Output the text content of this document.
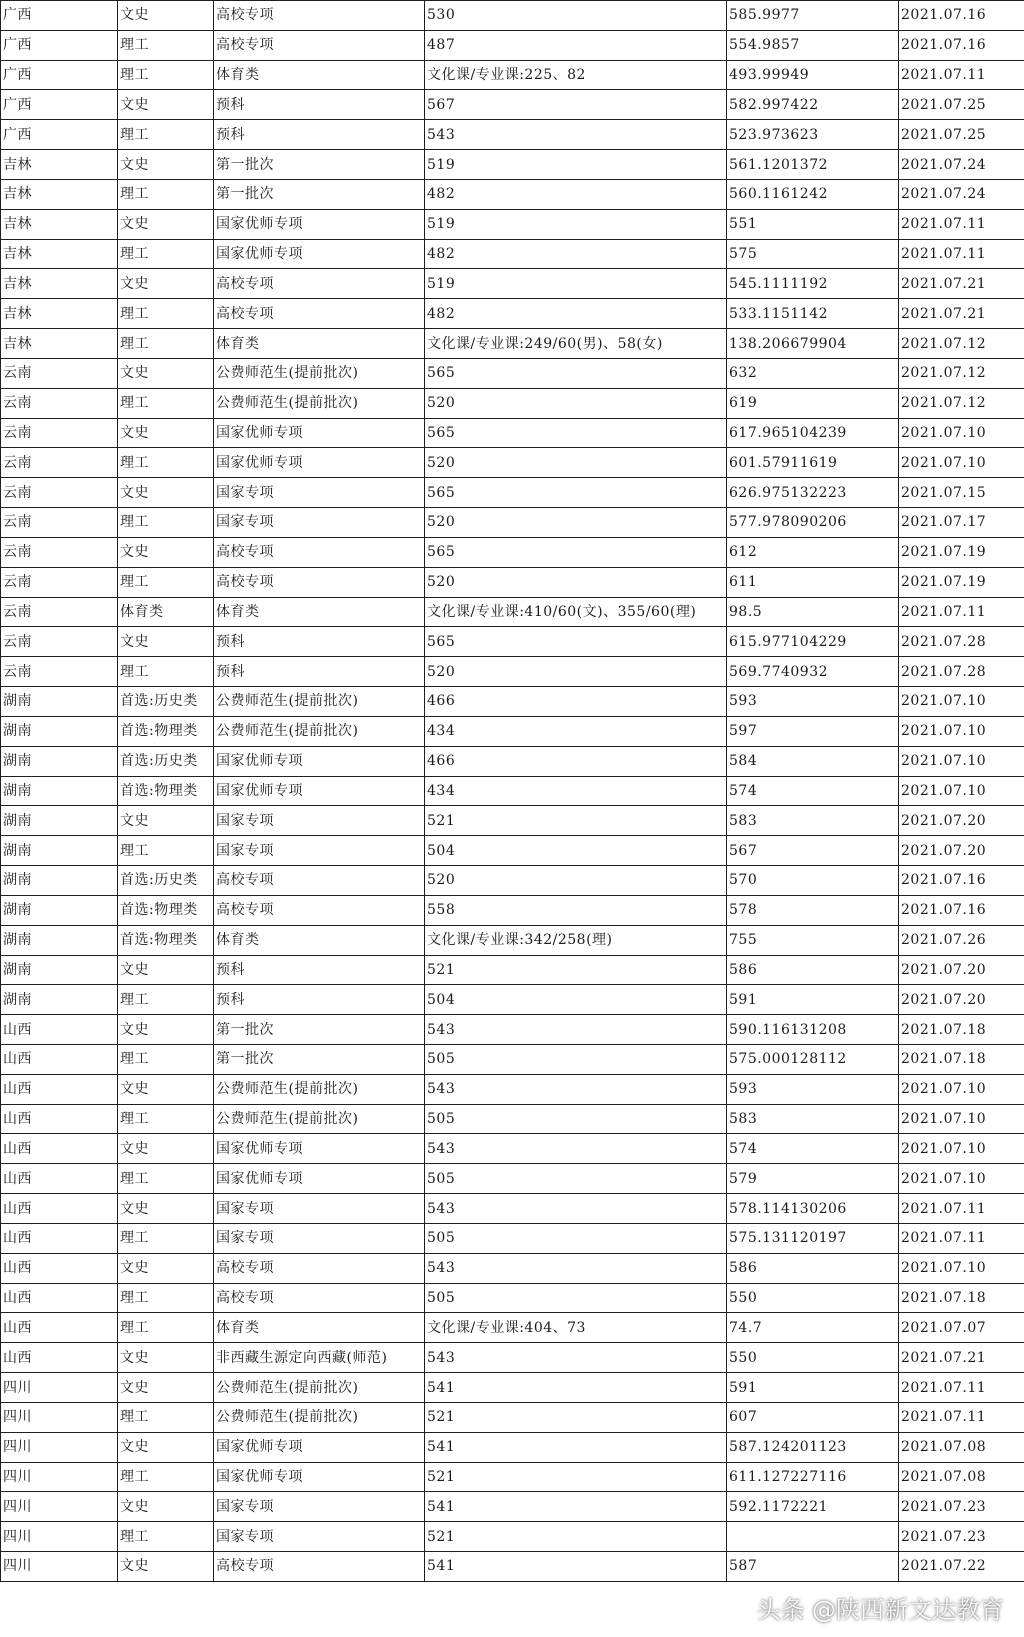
广西	文史	高校专项	530	585.9977	2021.07.16
广西	理工	高校专项	487	554.9857	2021.07.16
广西	理工	体育类	文化课/专业课:225、82	493.99949	2021.07.11
广西	文史	预科	567	582.997422	2021.07.25
广西	理工	预科	543	523.973623	2021.07.25
吉林	文史	第一批次	519	561.1201372	2021.07.24
吉林	理工	第一批次	482	560.1161242	2021.07.24
吉林	文史	国家优师专项	519	551	2021.07.11
吉林	理工	国家优师专项	482	575	2021.07.11
吉林	文史	高校专项	519	545.1111192	2021.07.21
吉林	理工	高校专项	482	533.1151142	2021.07.21
吉林	理工	体育类	文化课/专业课:249/60(男)、58(女)	138.206679904	2021.07.12
云南	文史	公费师范生(提前批次)	565	632	2021.07.12
云南	理工	公费师范生(提前批次)	520	619	2021.07.12
云南	文史	国家优师专项	565	617.965104239	2021.07.10
云南	理工	国家优师专项	520	601.57911619	2021.07.10
云南	文史	国家专项	565	626.975132223	2021.07.15
云南	理工	国家专项	520	577.978090206	2021.07.17
云南	文史	高校专项	565	612	2021.07.19
云南	理工	高校专项	520	611	2021.07.19
云南	体育类	体育类	文化课/专业课:410/60(文)、355/60(理)	98.5	2021.07.11
云南	文史	预科	565	615.977104229	2021.07.28
云南	理工	预科	520	569.7740932	2021.07.28
湖南	首选:历史类	公费师范生(提前批次)	466	593	2021.07.10
湖南	首选:物理类	公费师范生(提前批次)	434	597	2021.07.10
湖南	首选:历史类	国家优师专项	466	584	2021.07.10
湖南	首选:物理类	国家优师专项	434	574	2021.07.10
湖南	文史	国家专项	521	583	2021.07.20
湖南	理工	国家专项	504	567	2021.07.20
湖南	首选:历史类	高校专项	520	570	2021.07.16
湖南	首选:物理类	高校专项	558	578	2021.07.16
湖南	首选:物理类	体育类	文化课/专业课:342/258(理)	755	2021.07.26
湖南	文史	预科	521	586	2021.07.20
湖南	理工	预科	504	591	2021.07.20
山西	文史	第一批次	543	590.116131208	2021.07.18
山西	理工	第一批次	505	575.000128112	2021.07.18
山西	文史	公费师范生(提前批次)	543	593	2021.07.10
山西	理工	公费师范生(提前批次)	505	583	2021.07.10
山西	文史	国家优师专项	543	574	2021.07.10
山西	理工	国家优师专项	505	579	2021.07.10
山西	文史	国家专项	543	578.114130206	2021.07.11
山西	理工	国家专项	505	575.131120197	2021.07.11
山西	文史	高校专项	543	586	2021.07.10
山西	理工	高校专项	505	550	2021.07.18
山西	理工	体育类	文化课/专业课:404、73	74.7	2021.07.07
山西	文史	非西藏生源定向西藏(师范)	543	550	2021.07.21
四川	文史	公费师范生(提前批次)	541	591	2021.07.11
四川	理工	公费师范生(提前批次)	521	607	2021.07.11
四川	文史	国家优师专项	541	587.124201123	2021.07.08
四川	理工	国家优师专项	521	611.127227116	2021.07.08
四川	文史	国家专项	541	592.1172221	2021.07.23
四川	理工	国家专项	521		2021.07.23
四川	文史	高校专项	541	587	2021.07.22
头条 @陕西新文达教育
